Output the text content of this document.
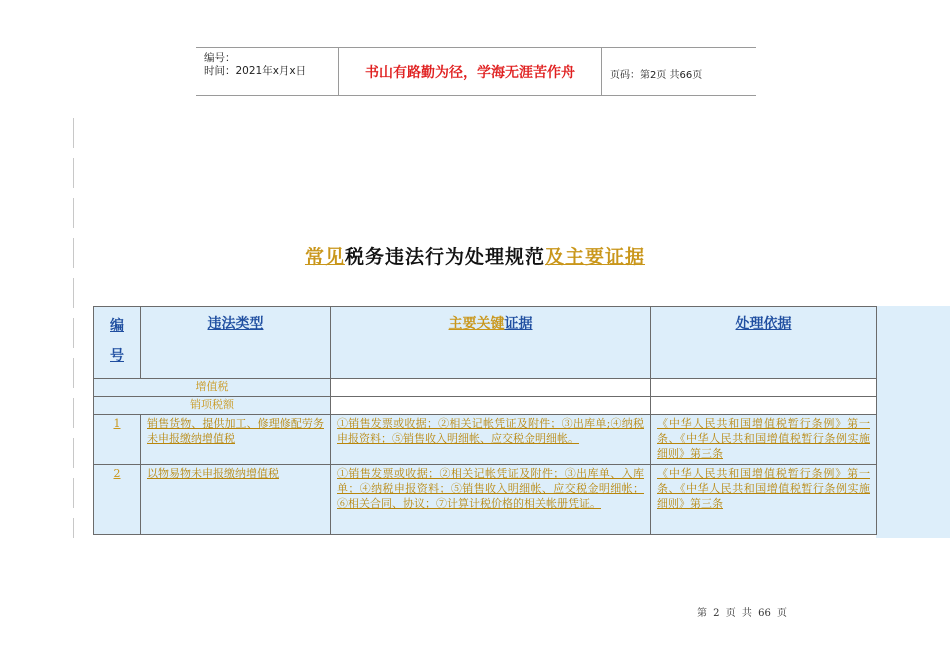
编号：
时间：2021年x月x日	书山有路勤为径，学海无涯苦作舟	页码：第2页 共66页
常见税务违法行为处理规范及主要证据
编
号	违法类型	主要关键证据	处理依据
增值税			
销项税额			
1	销售货物、提供加工、修理修配劳务未申报缴纳增值税	①销售发票或收据；②相关记帐凭证及附件；③出库单;④纳税申报资料；⑤销售收入明细帐、应交税金明细帐。	《中华人民共和国增值税暂行条例》第一条、《中华人民共和国增值税暂行条例实施细则》第三条

2	以物易物未申报缴纳增值税	①销售发票或收据；②相关记帐凭证及附件；③出库单、入库单；④纳税申报资料；⑤销售收入明细帐、应交税金明细帐；⑥相关合同、协议；⑦计算计税价格的相关帐册凭证。	《中华人民共和国增值税暂行条例》第一条、《中华人民共和国增值税暂行条例实施细则》第三条
第 2 页 共 66 页
